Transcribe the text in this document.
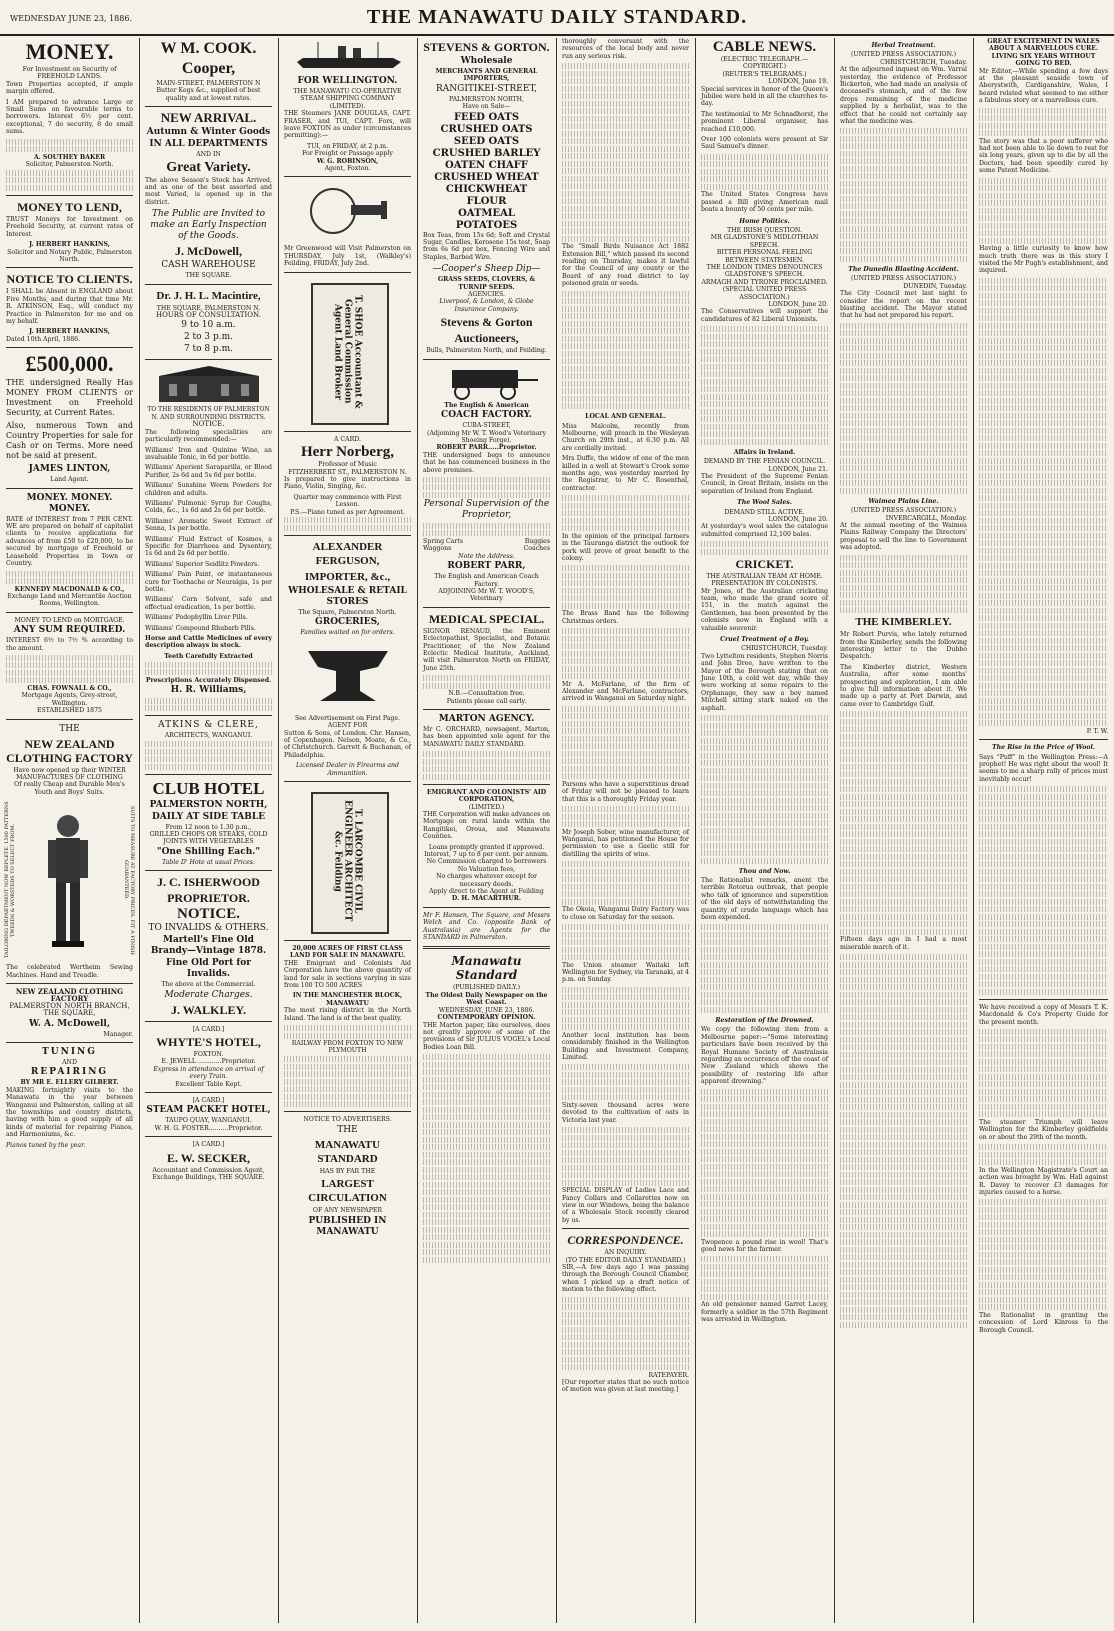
WEDNESDAY JUNE 23, 1886.	THE MANAWATU DAILY STANDARD.
MONEY.
For Investment on Security of FREEHOLD LANDS.

Town Properties accepted, if ample margin offered.

I AM prepared to advance Large or Small Sums on favourable terms to borrowers. Interest 6½ per cent. exceptional, 7 do security, 8 do small sums.

A. SOUTHEY BAKER
Solicitor, Palmerston North.
MONEY TO LEND,

TRUST Moneys for Investment on Freehold Security, at current rates of Interest.

J. HERBERT HANKINS,
Solicitor and Notary Public, Palmerston North.
NOTICE TO CLIENTS.

I SHALL be Absent in ENGLAND about Five Months, and during that time Mr. R. ATKINSON, Esq., will conduct my Practice in Palmerston for me and on my behalf.

J. HERBERT HANKINS,
Dated 10th April, 1886.
£500,000.

THE undersigned Really Has MONEY FROM CLIENTS or Investment on Freehold Security, at Current Rates.

Also, numerous Town and Country Properties for sale for Cash or on Terms. More need not be said at present.

JAMES LINTON,
Land Agent.
MONEY. MONEY. MONEY.

RATE of INTEREST from 7 PER CENT. WE are prepared on behalf of capitalist clients to receive applications for advances of from £50 to £20,000, to be secured by mortgage of Freehold or Leasehold Properties in Town or Country.

KENNEDY MACDONALD & CO.,
Exchange Land and Mercantile Auction Rooms, Wellington.
MONEY TO LEND on MORTGAGE.
ANY SUM REQUIRED.

INTEREST 6½ to 7½ % according to the amount.

CHAS. FOWNALL & CO.,
Mortgage Agents, Grey-street, Wellington.
ESTABLISHED 1875
THE
NEW ZEALAND CLOTHING FACTORY
Have now opened up their WINTER MANUFACTURES OF CLOTHING
Of really Cheap and Durable Men's Youth and Boys' Suits.
TAILORING DEPARTMENT NOW REPLETE. 1500 PATTERNS TWEEDS & WORSTEDS TO SELECT FROM.	SUITS TO MEASURE AT FACTORY PRICES. FIT A FINISH GUARANTEED.

The celebrated Wertheim Sewing Machines. Hand and Treadle.

NEW ZEALAND CLOTHING FACTORY
PALMERSTON NORTH BRANCH, THE SQUARE,
W. A. McDowell,
Manager.
TUNING
AND
REPAIRING
BY MR E. ELLERY GILBERT.

MAKING fortnightly visits to the Manawatu in the year between Wanganui and Palmerston, calling at all the townships and country districts, having with him a good supply of all kinds of material for repairing Pianos, and Harmoniums, &c.

Pianos tuned by the year.
W M. COOK.
Cooper,
MAIN-STREET, PALMERSTON N
Butter Kegs &c., supplied of best quality and at lowest rates.
NEW ARRIVAL.
Autumn & Winter Goods
IN ALL DEPARTMENTS
AND IN
Great Variety.

The above Season's Stock has Arrived, and as one of the best assorted and most Varied, is opened up in the district.

The Public are Invited to make an Early Inspection of the Goods.
J. McDowell,
CASH WAREHOUSE
THE SQUARE.
Dr. J. H. L. Macintire,
THE SQUARE, PALMERSTON N.
HOURS OF CONSULTATION.
9 to 10 a.m.
2 to 3 p.m.
7 to 8 p.m.
TO THE RESIDENTS OF PALMERSTON N. AND SURROUNDING DISTRICTS.
NOTICE.

The following specialities are particularly recommended:—

Williams' Iron and Quinine Wine, an invaluable Tonic, in 6d per bottle.

Williams' Aperient Saraparilla, or Blood Purifier, 2s 6d and 5s 6d per bottle.

Williams' Sunshine Worm Powders for children and adults.

Williams' Pulmonic Syrup for Coughs, Colds, &c., 1s 6d and 2s 6d per bottle.

Williams' Aromatic Sweet Extract of Senna, 1s per bottle.

Williams' Fluid Extract of Kosmos, a Specific for Diarrhoea and Dysentery, 1s 6d and 2s 6d per bottle.

Williams' Superior Seidlitz Powders.

Williams' Pain Paint, or instantaneous cure for Toothache or Neuralgia, 1s per bottle.

Williams' Corn Solvent, safe and effectual eradication, 1s per bottle.

Williams' Podophyllin Liver Pills.

Williams' Compound Rhubarb Pills.

Horse and Cattle Medicines of every description always in stock.

Teeth Carefully Extracted
Prescriptions Accurately Dispensed.
H. R. Williams,
ATKINS & CLERE,
ARCHITECTS, WANGANUI.
CLUB HOTEL
PALMERSTON NORTH,
DAILY AT SIDE TABLE
From 12 noon to 1.30 p.m.,
GRILLED CHOPS OR STEAKS, COLD JOINTS WITH VEGETABLES
"One Shilling Each."
Table D' Hote at usual Prices.
J. C. ISHERWOOD
PROPRIETOR.
NOTICE.
TO INVALIDS & OTHERS.
Martell's Fine Old Brandy—Vintage 1878.
Fine Old Port for Invalids.
The above at the Commercial.
Moderate Charges.
J. WALKLEY.
[A CARD.]
WHYTE'S HOTEL,
FOXTON.
E. JEWELL ............Proprietor.
Express in attendance on arrival of every Train.
Excellent Table Kept.
[A CARD.]
STEAM PACKET HOTEL,
TAUPO QUAY, WANGANUI.
W. H. G. FOSTER..........Proprietor.
[A CARD.]
E. W. SECKER,
Accountant and Commission Agent,
Exchange Buildings, THE SQUARE.
FOR WELLINGTON.
THE MANAWATU CO-OPERATIVE STEAM SHIPPING COMPANY (LIMITED).

THE Steamers JANE DOUGLAS, CAPT. FRASER, and TUI, CAPT. Fors, will leave FOXTON as under (circumstances permitting):—

TUI, on FRIDAY, at 2 p.m.
For Freight or Passage apply
W. G. ROBINSON,
Agent, Foxton.

Mr Greenwood will Visit Palmerston on THURSDAY, July 1st, (Walkley's) Feilding, FRIDAY, July 2nd.

T. SHOE Accountant & General Commission Agent Land Broker
A CARD.
Herr Norberg,
Professor of Music
FITZHERBERT ST., PALMERSTON N.

Is prepared to give instructions in Piano, Violin, Singing, &c.

Quarter may commence with First Lesson.
P.S.—Piano tuned as per Agreement.
ALEXANDER FERGUSON,
IMPORTER, &c.,
WHOLESALE & RETAIL STORES
The Square, Palmerston North.
GROCERIES,
Families waited on for orders.
See Advertisement on First Page.
AGENT FOR

Sutton & Sons, of London. Chr. Hansen, of Copenhagen. Nelson, Moate, & Co., of Christchurch. Garrett & Buchanan, of Philadelphia.

Licensed Dealer in Firearms and Ammunition.
T. LARCOMBE CIVIL ENGINEER ARCHITECT &c. Feilding
20,000 ACRES OF FIRST CLASS LAND FOR SALE IN MANAWATU.

THE Emigrant and Colonists Aid Corporation have the above quantity of land for sale in sections varying in size from 100 TO 500 ACRES

IN THE MANCHESTER BLOCK, MANAWATU

The most rising district in the North Island. The land is of the best quality.

RAILWAY FROM FOXTON TO NEW PLYMOUTH
NOTICE TO ADVERTISERS.
THE
MANAWATU STANDARD
HAS BY FAR THE
LARGEST CIRCULATION
OF ANY NEWSPAPER
PUBLISHED IN MANAWATU
STEVENS & GORTON.
Wholesale
MERCHANTS AND GENERAL IMPORTERS,
RANGITIKEI-STREET,
PALMERSTON NORTH,
Have on Sale—
FEED OATS
CRUSHED OATS
SEED OATS
CRUSHED BARLEY
OATEN CHAFF
CRUSHED WHEAT
CHICKWHEAT
FLOUR
OATMEAL
POTATOES

Box Teas, from 15s 6d; Soft and Crystal Sugar, Candles, Kerosene 15s test, Soap from 6s 6d per box, Fencing Wire and Staples, Barbed Wire.

—Cooper's Sheep Dip—
GRASS SEEDS, CLOVERS, & TURNIP SEEDS.
AGENCIES.
Liverpool, & London, & Globe Insurance Company.
Stevens & Gorton
Auctioneers,
Bulls, Palmerston North, and Feilding.
The English & American
COACH FACTORY.
CUBA-STREET,
(Adjoining Mr W. T. Wood's Veterinary Shoeing Forge).
ROBERT PARR.....Proprietor.

THE undersigned begs to announce that he has commenced business in the above premises.

Personal Supervision of the Proprietor,
Spring Carts	Buggies
Waggons	Coaches
Note the Address.
ROBERT PARR,
The English and American Coach Factory.
ADJOINING Mr W. T. WOOD'S, Veterinary
MEDICAL SPECIAL.

SIGNOR RENAUD, the Eminent Eclectopathist, Specialist, and Botanic Practitioner, of the New Zealand Eclectic Medical Institute, Auckland, will visit Palmerston North on FRIDAY, June 25th.

N.B.—Consultation free.
Patients please call early.
MARTON AGENCY.

Mr C. ORCHARD, newsagent, Marton, has been appointed sole agent for the MANAWATU DAILY STANDARD.

EMIGRANT AND COLONISTS' AID CORPORATION,
(LIMITED.)

THE Corporation will make advances on Mortgage on rural lands within the Rangitikei, Oroua, and Manawatu Counties.

Loans promptly granted if approved.
Interest, 7 up to 8 per cent. per annum.
No Commission charged to borrowers
No Valuation fees,
No charges whatever except for necessary deeds.
Apply direct to the Agent at Feilding
D. H. MACARTHUR.

Mr F. Hansen, The Square, and Messrs Welch and Co. (opposite Bank of Australasia) are Agents for the STANDARD in Palmerston.

Manawatu Standard
(PUBLISHED DAILY.)
The Oldest Daily Newspaper on the West Coast.
WEDNESDAY, JUNE 23, 1886.
CONTEMPORARY OPINION.

THE Marton paper, like ourselves, does not greatly approve of some of the provisions of Sir JULIUS VOGEL's Local Bodies Loan Bill.

thoroughly conversant with the resources of the local body and never run any serious risk.

The "Small Birds Nuisance Act 1882 Extension Bill," which passed its second reading on Thursday, makes it lawful for the Council of any county or the Board of any road district to lay poisoned grain or seeds.

LOCAL AND GENERAL.

Miss Malcolm, recently from Melbourne, will preach in the Wesleyan Church on 29th inst., at 6.30 p.m. All are cordially invited.

Mrs Duffe, the widow of one of the men killed in a well at Stewart's Crook some months ago, was yesterday married by the Registrar, to Mr C. Rosenthal, contractor.

In the opinion of the principal farmers in the Tauranga district the outlook for pork will prove of great benefit to the colony.

The Brass Band has the following Christmas orders.

Mr A. McFarlane, of the firm of Alexander and McFarlane, contractors, arrived in Wanganui on Saturday night.

Parsons who have a superstitious dread of Friday will not be pleased to learn that this is a thoroughly Friday year.

Mr Joseph Sober, wine manufacturer, of Wanganui, has petitioned the House for permission to use a Gaelic still for distilling the spirits of wine.

The Okoia, Wanganui Dairy Factory was to close on Saturday for the season.

The Union steamer Waitaki left Wellington for Sydney, via Taranaki, at 4 p.m. on Sunday.

Another local institution has been considerably finished in the Wellington Building and Investment Company, Limited.

Sixty-seven thousand acres were devoted to the cultivation of oats in Victoria last year.

SPECIAL DISPLAY of Ladies Lace and Fancy Collars and Collarettes now on view in our Windows, being the balance of a Wholesale Stock recently cleared by us.

CORRESPONDENCE.
AN INQUIRY.
(TO THE EDITOR DAILY STANDARD.)

SIR,—A few days ago I was passing through the Borough Council Chamber, when I picked up a draft notice of motion to the following effect.

RATEPAYER.

[Our reporter states that no such notice of motion was given at last meeting.]

CABLE NEWS.
(ELECTRIC TELEGRAPH.—COPYRIGHT.)
(REUTER'S TELEGRAMS.)
LONDON, June 19.

Special services in honor of the Queen's Jubilee were held in all the churches to-day.

The testimonial to Mr Schnadhorst, the prominent Liberal organiser, has reached £10,000.

Over 100 colonists were present at Sir Saul Samuel's dinner.

The United States Congress have passed a Bill giving American mail boats a bounty of 50 cents per mile.

Home Politics.
THE IRISH QUESTION.
MR GLADSTONE'S MIDLOTHIAN SPEECH.
BITTER PERSONAL FEELING BETWEEN STATESMEN.
THE LONDON TIMES DENOUNCES GLADSTONE'S SPEECH.
ARMAGH AND TYRONE PROCLAIMED.
(SPECIAL UNITED PRESS ASSOCIATION.)
LONDON, June 20.

The Conservatives will support the candidatures of 82 Liberal Unionists.

Affairs in Ireland.
DEMAND BY THE FENIAN COUNCIL.
LONDON, June 21.

The President of the Supreme Fenian Council, in Great Britain, insists on the separation of Ireland from England.

The Wool Sales.
DEMAND STILL ACTIVE.
LONDON, June 20.

At yesterday's wool sales the catalogue submitted comprised 12,100 bales.

CRICKET.
THE AUSTRALIAN TEAM AT HOME.
PRESENTATION BY COLONISTS.

Mr Jones, of the Australian cricketing team, who made the grand score of 151, in the match against the Gentlemen, has been presented by the colonists now in England with a valuable souvenir.

Cruel Treatment of a Boy.
CHRISTCHURCH, Tuesday.

Two Lyttelton residents, Stephen Norris and John Dree, have written to the Mayor of the Borough stating that on June 10th, a cold wet day, while they were working at some repairs to the Orphanage, they saw a boy named Mitchell sitting stark naked on the asphalt.

Thou and Now.

The Rationalist remarks, anent the terrible Rotorua outbreak, that people who talk of ignorance and superstition of the old days of notwithstanding the quantity of crude language which has been expended.

Restoration of the Drowned.

We copy the following item from a Melbourne paper:—"Some interesting particulars have been received by the Royal Humane Society of Australasia regarding an occurrence off the coast of New Zealand which shows the possibility of restoring life after apparent drowning."

Twopence a pound rise in wool! That's good news for the farmer.

An old pensioner named Garret Lacey, formerly a soldier in the 57th Regiment was arrested in Wellington.

Herbal Treatment.
(UNITED PRESS ASSOCIATION.)
CHRISTCHURCH, Tuesday.

At the adjourned inquest on Wm. Varral yesterday, the evidence of Professor Bickerton, who had made an analysis of deceased's stomach, and of the few drops remaining of the medicine supplied by a herbalist, was to the effect that he could not certainly say what the medicine was.

The Dunedin Blasting Accident.
(UNITED PRESS ASSOCIATION.)
DUNEDIN, Tuesday.

The City Council met last night to consider the report on the recent blasting accident. The Mayor stated that he had not prepared his report.

Waimea Plains Line.
(UNITED PRESS ASSOCIATION.)
INVERCARGILL, Monday.

At the annual meeting of the Waimea Plains Railway Company the Directors' proposal to sell the line to Government was adopted.

THE KIMBERLEY.

Mr Robert Purvis, who lately returned from the Kimberley, sends the following interesting letter to the Dubbo Despatch.

The Kimberley district, Western Australia, after some months' prospecting and exploration, I am able to give full information about it. We made up a party at Port Darwin, and came over to Cambridge Gulf.

Fifteen days ago in I had a most miserable march of it.

GREAT EXCITEMENT IN WALES ABOUT A MARVELLOUS CURE.
LIVING SIX YEARS WITHOUT GOING TO BED.

Mr Editor,—While spending a few days at the pleasant seaside town of Aberystwith, Cardiganshire, Wales, I heard related what seemed to me either a fabulous story or a marvellous cure.

The story was that a poor sufferer who had not been able to lie down to rest for six long years, given up to die by all the Doctors, had been speedily cured by some Patent Medicine.

Having a little curiosity to know how much truth there was in this story I visited the Mr Pugh's establishment, and inquired.

P. T. W.
The Rise in the Price of Wool.

Says "Puff" in the Wellington Press:—A prophet! He was right about the wool! It seems to me a sharp rally of prices must inevitably occur!

We have received a copy of Messrs T. K. Macdonald & Co's Property Guide for the present month.

The steamer Triumph will leave Wellington for the Kimberley goldfields on or about the 29th of the month.

In the Wellington Magistrate's Court an action was brought by Wm. Hall against R. Davey to recover £3 damages for injuries caused to a horse.

The Rationalist in granting the concession of Lord Kinross to the Borough Council.
